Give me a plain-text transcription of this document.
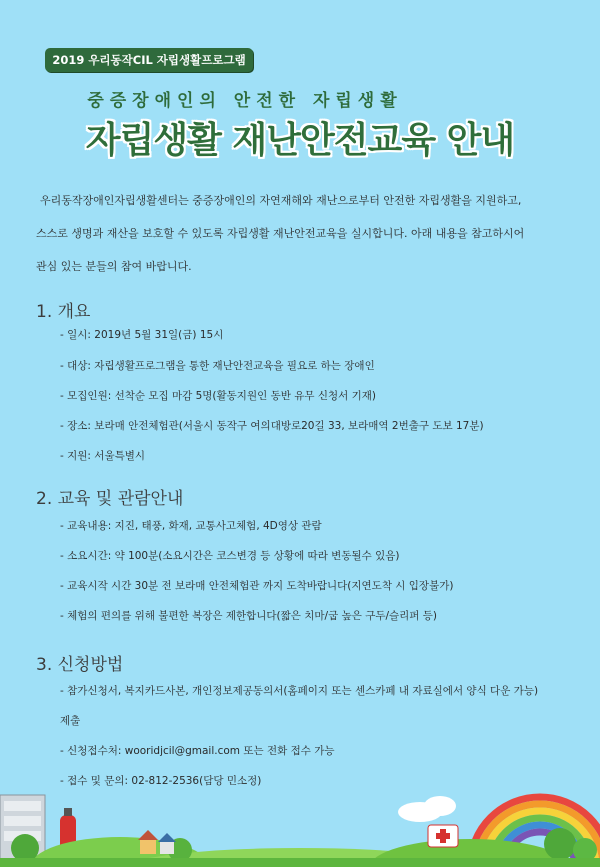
2019 우리동작CIL 자립생활프로그램
중증장애인의 안전한 자립생활
자립생활 재난안전교육 안내

우리동작장애인자립생활센터는 중증장애인의 자연재해와 재난으로부터 안전한 자립생활을 지원하고,

스스로 생명과 재산을 보호할 수 있도록 자립생활 재난안전교육을 실시합니다. 아래 내용을 참고하시어

관심 있는 분들의 참여 바랍니다.

1. 개요
- 일시: 2019년 5월 31일(금) 15시
- 대상: 자립생활프로그램을 통한 재난안전교육을 필요로 하는 장애인
- 모집인원: 선착순 모집 마감 5명(활동지원인 동반 유무 신청서 기재)
- 장소: 보라매 안전체험관(서울시 동작구 여의대방로20길 33, 보라매역 2번출구 도보 17분)
- 지원: 서울특별시
2. 교육 및 관람안내
- 교육내용: 지진, 태풍, 화재, 교통사고체험, 4D영상 관람
- 소요시간: 약 100분(소요시간은 코스변경 등 상황에 따라 변동될수 있음)
- 교육시작 시간 30분 전 보라매 안전체험관 까지 도착바랍니다(지연도착 시 입장불가)
- 체험의 편의를 위해 불편한 복장은 제한합니다(짧은 치마/굽 높은 구두/슬리퍼 등)
3. 신청방법
- 참가신청서, 복지카드사본, 개인정보제공동의서(홈페이지 또는 센스카페 내 자료실에서 양식 다운 가능)
제출
- 신청접수처: wooridjcil@gmail.com 또는 전화 접수 가능
- 접수 및 문의: 02-812-2536(담당 민소정)
